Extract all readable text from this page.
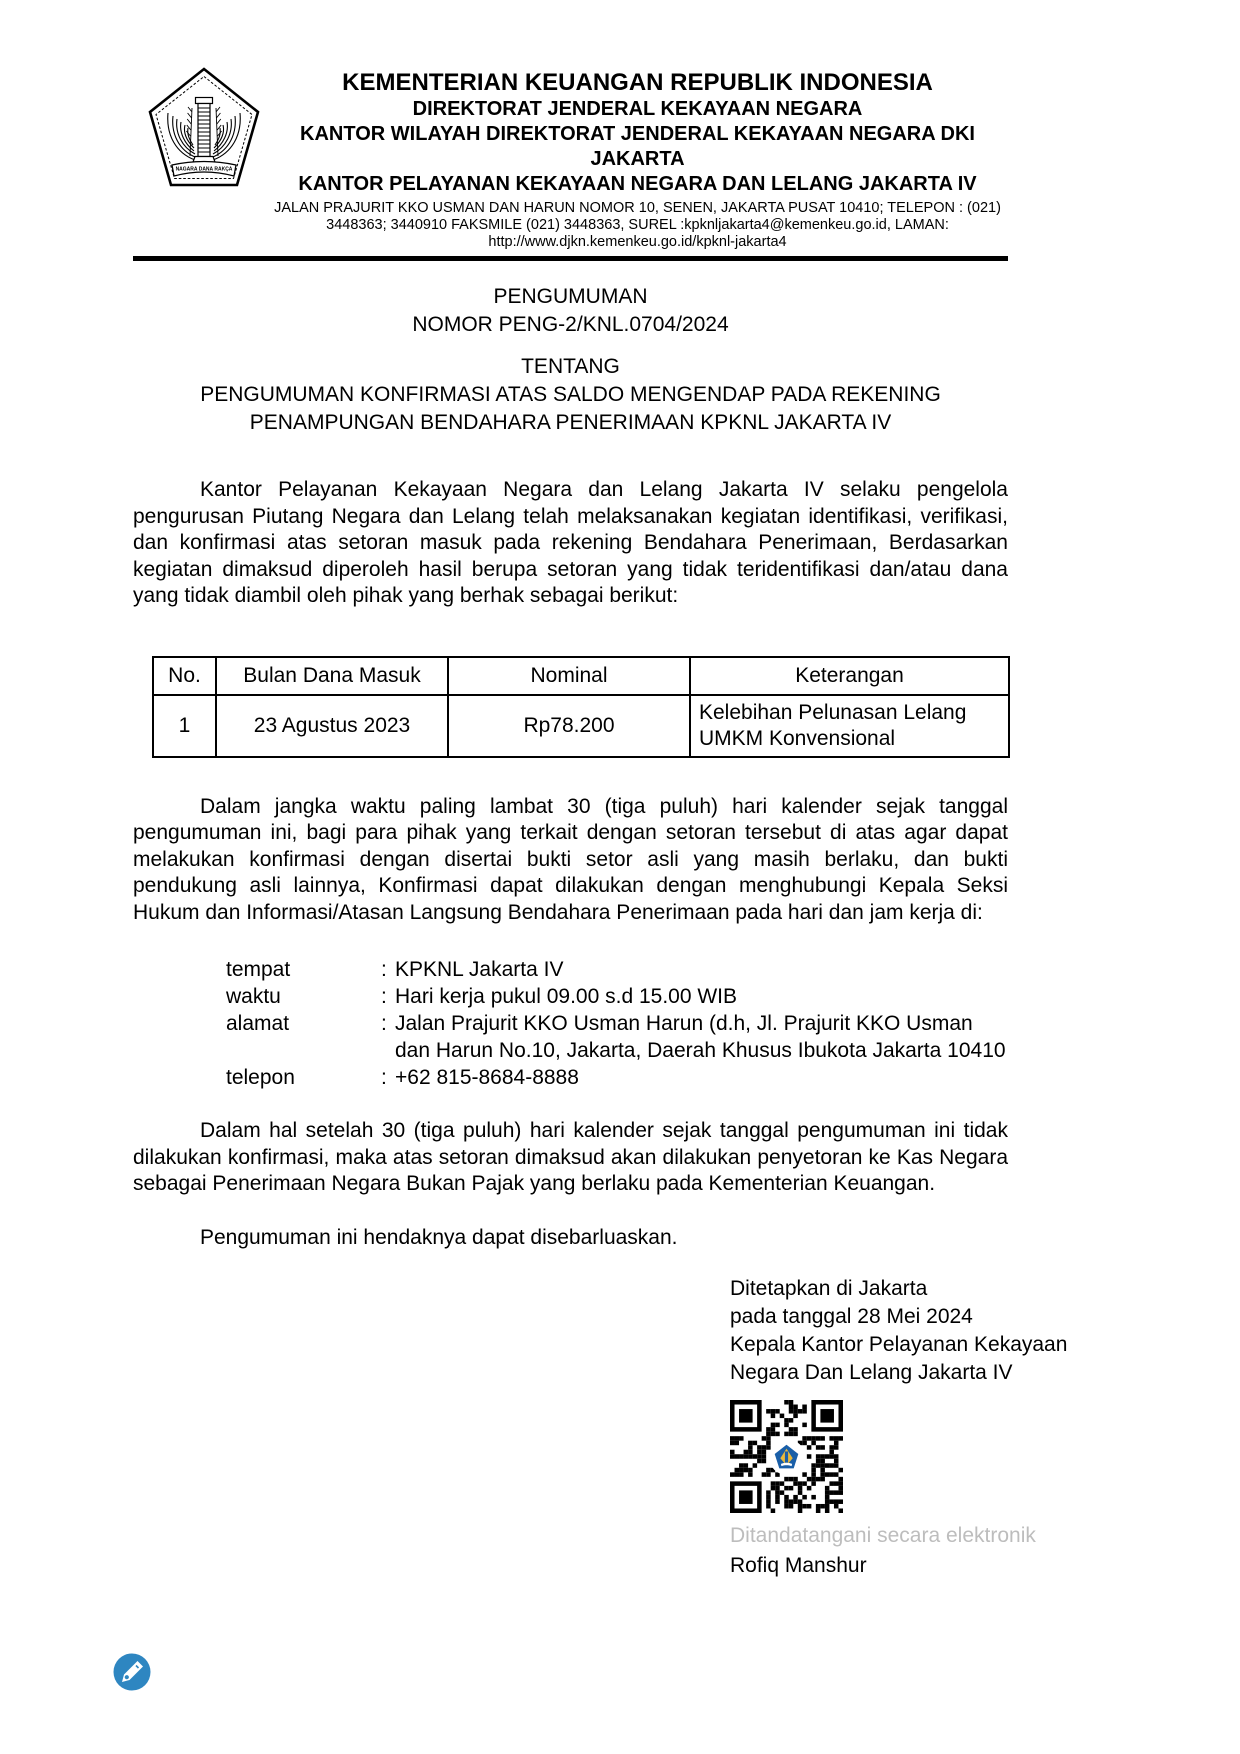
NAGARA DANA RAKÇA
KEMENTERIAN KEUANGAN REPUBLIK INDONESIA
DIREKTORAT JENDERAL KEKAYAAN NEGARA
KANTOR WILAYAH DIREKTORAT JENDERAL KEKAYAAN NEGARA DKI
JAKARTA
KANTOR PELAYANAN KEKAYAAN NEGARA DAN LELANG JAKARTA IV
JALAN PRAJURIT KKO USMAN DAN HARUN NOMOR 10, SENEN, JAKARTA PUSAT 10410; TELEPON : (021)
3448363; 3440910 FAKSMILE (021) 3448363, SUREL :kpknljakarta4@kemenkeu.go.id, LAMAN:
http://www.djkn.kemenkeu.go.id/kpknl-jakarta4
PENGUMUMAN
NOMOR PENG-2/KNL.0704/2024
TENTANG
PENGUMUMAN KONFIRMASI ATAS SALDO MENGENDAP PADA REKENING
PENAMPUNGAN BENDAHARA PENERIMAAN KPKNL JAKARTA IV

Kantor Pelayanan Kekayaan Negara dan Lelang Jakarta IV selaku pengelola pengurusan Piutang Negara dan Lelang telah melaksanakan kegiatan identifikasi, verifikasi, dan konfirmasi atas setoran masuk pada rekening Bendahara Penerimaan, Berdasarkan kegiatan dimaksud diperoleh hasil berupa setoran yang tidak teridentifikasi dan/atau dana yang tidak diambil oleh pihak yang berhak sebagai berikut:

No.	Bulan Dana Masuk	Nominal	Keterangan
1	23 Agustus 2023	Rp78.200	Kelebihan Pelunasan Lelang UMKM Konvensional

Dalam jangka waktu paling lambat 30 (tiga puluh) hari kalender sejak tanggal pengumuman ini, bagi para pihak yang terkait dengan setoran tersebut di atas agar dapat melakukan konfirmasi dengan disertai bukti setor asli yang masih berlaku, dan bukti pendukung asli lainnya, Konfirmasi dapat dilakukan dengan menghubungi Kepala Seksi Hukum dan Informasi/Atasan Langsung Bendahara Penerimaan pada hari dan jam kerja di:

tempat	: KPKNL Jakarta IV
waktu	: Hari kerja pukul 09.00 s.d 15.00 WIB
alamat	: Jalan Prajurit KKO Usman Harun (d.h, Jl. Prajurit KKO Usman dan Harun No.10, Jakarta, Daerah Khusus Ibukota Jakarta 10410
telepon	: +62 815-8684-8888

Dalam hal setelah 30 (tiga puluh) hari kalender sejak tanggal pengumuman ini tidak dilakukan konfirmasi, maka atas setoran dimaksud akan dilakukan penyetoran ke Kas Negara sebagai Penerimaan Negara Bukan Pajak yang berlaku pada Kementerian Keuangan.

Pengumuman ini hendaknya dapat disebarluaskan.

Ditetapkan di Jakarta
pada tanggal 28 Mei 2024
Kepala Kantor Pelayanan Kekayaan
Negara Dan Lelang Jakarta IV
Ditandatangani secara elektronik
Rofiq Manshur
